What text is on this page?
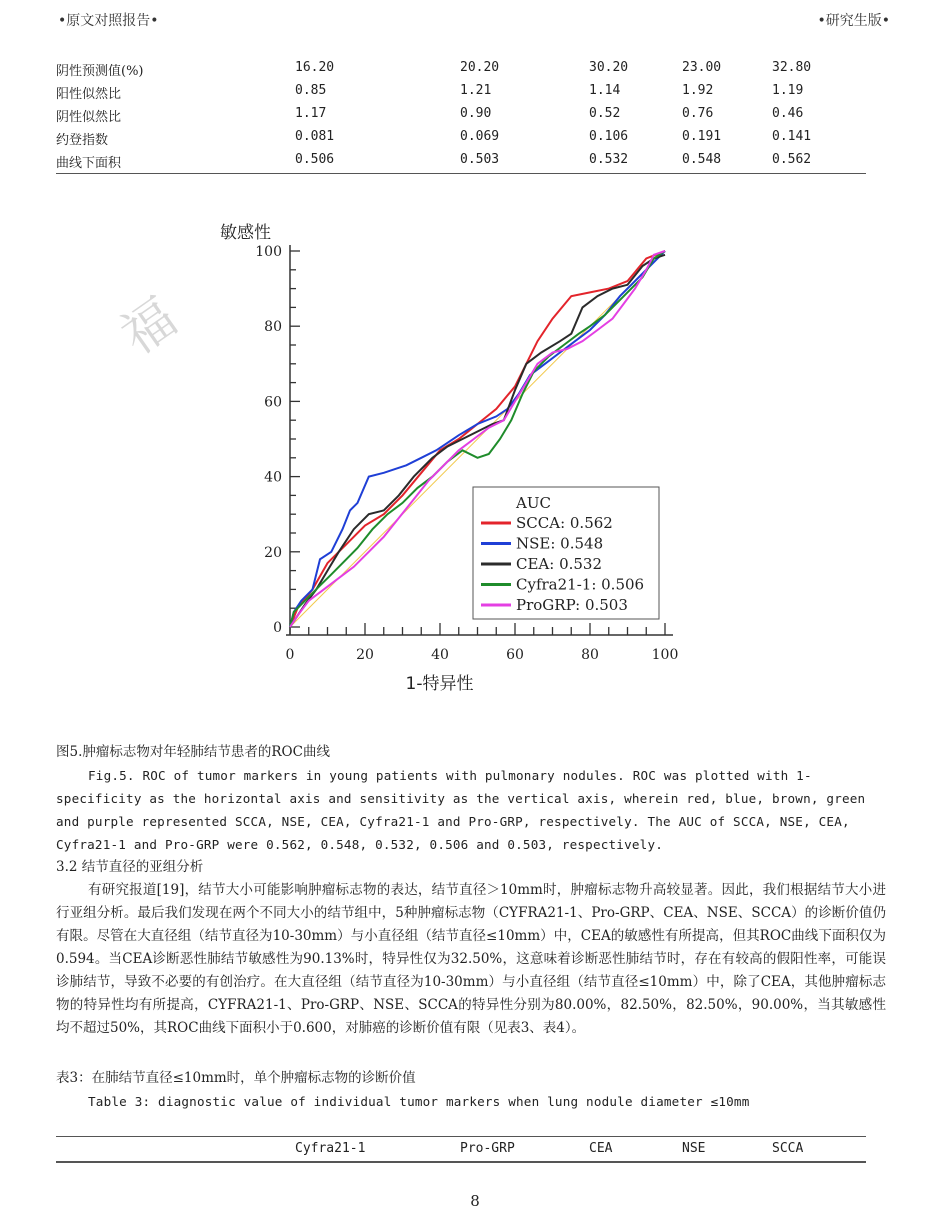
福
•原文对照报告•	•研究生版•
阴性预测值(%)	16.20	20.20	30.20	23.00	32.80
阳性似然比	0.85	1.21	1.14	1.92	1.19
阴性似然比	1.17	0.90	0.52	0.76	0.46
约登指数	0.081	0.069	0.106	0.191	0.141
曲线下面积	0.506	0.503	0.532	0.548	0.562
0
20
40
60
80
100
0	20	40	60	80	100
敏感性
1-特异性
AUC
SCCA: 0.562
NSE: 0.548
CEA: 0.532
Cyfra21-1: 0.506
ProGRP: 0.503
图5.肿瘤标志物对年轻肺结节患者的ROC曲线
Fig.5. ROC of tumor markers in young patients with pulmonary nodules. ROC was plotted with 1-specificity as the horizontal axis and sensitivity as the vertical axis, wherein red, blue, brown, green and purple represented SCCA, NSE, CEA, Cyfra21-1 and Pro-GRP, respectively. The AUC of SCCA, NSE, CEA, Cyfra21-1 and Pro-GRP were 0.562, 0.548, 0.532, 0.506 and 0.503, respectively.
3.2 结节直径的亚组分析
有研究报道[19]，结节大小可能影响肿瘤标志物的表达，结节直径＞10mm时，肿瘤标志物升高较显著。因此，我们根据结节大小进行亚组分析。最后我们发现在两个不同大小的结节组中，5种肿瘤标志物（CYFRA21-1、Pro-GRP、CEA、NSE、SCCA）的诊断价值仍有限。尽管在大直径组（结节直径为10-30mm）与小直径组（结节直径≤10mm）中，CEA的敏感性有所提高，但其ROC曲线下面积仅为0.594。当CEA诊断恶性肺结节敏感性为90.13%时，特异性仅为32.50%，这意味着诊断恶性肺结节时，存在有较高的假阳性率，可能误诊肺结节，导致不必要的有创治疗。在大直径组（结节直径为10-30mm）与小直径组（结节直径≤10mm）中，除了CEA，其他肿瘤标志物的特异性均有所提高，CYFRA21-1、Pro-GRP、NSE、SCCA的特异性分别为80.00%，82.50%，82.50%，90.00%，当其敏感性均不超过50%，其ROC曲线下面积小于0.600，对肺癌的诊断价值有限（见表3、表4）。
表3：在肺结节直径≤10mm时，单个肿瘤标志物的诊断价值
Table 3: diagnostic value of individual tumor markers when lung nodule diameter ≤10mm
Cyfra21-1	Pro-GRP	CEA	NSE	SCCA
8
